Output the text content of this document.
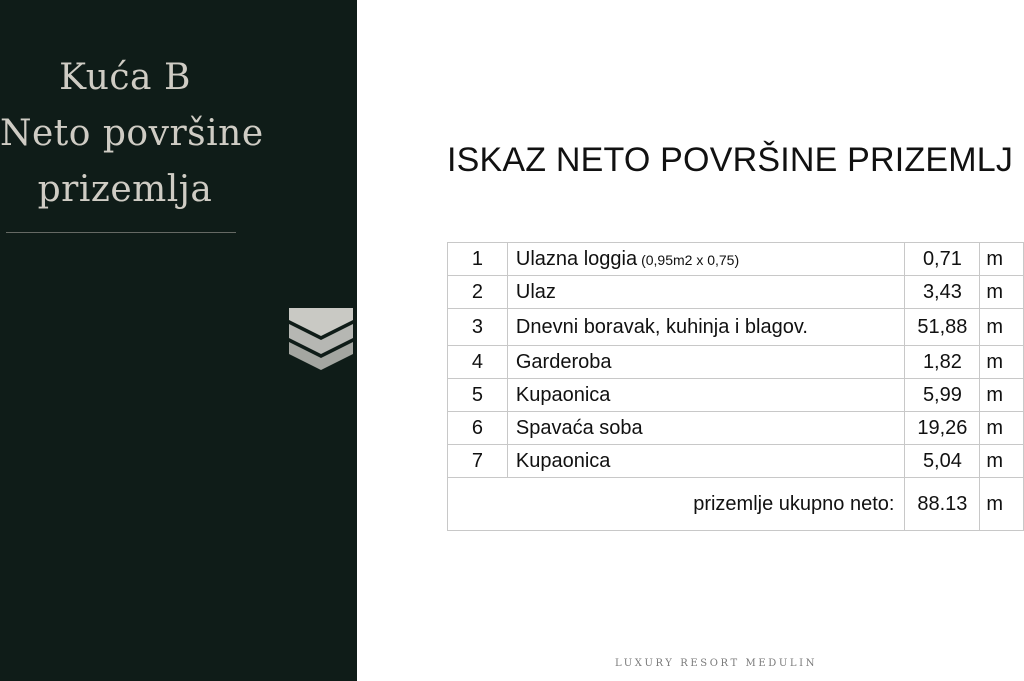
Kuća B
Neto površine
prizemlja
ISKAZ NETO POVRŠINE PRIZEMLJ
1	Ulazna loggia (0,95m2 x 0,75)	0,71	m
2	Ulaz	3,43	m
3	Dnevni boravak, kuhinja i blagov.	51,88	m
4	Garderoba	1,82	m
5	Kupaonica	5,99	m
6	Spavaća soba	19,26	m
7	Kupaonica	5,04	m
prizemlje ukupno neto:		88.13	m
LUXURY RESORT MEDULIN
